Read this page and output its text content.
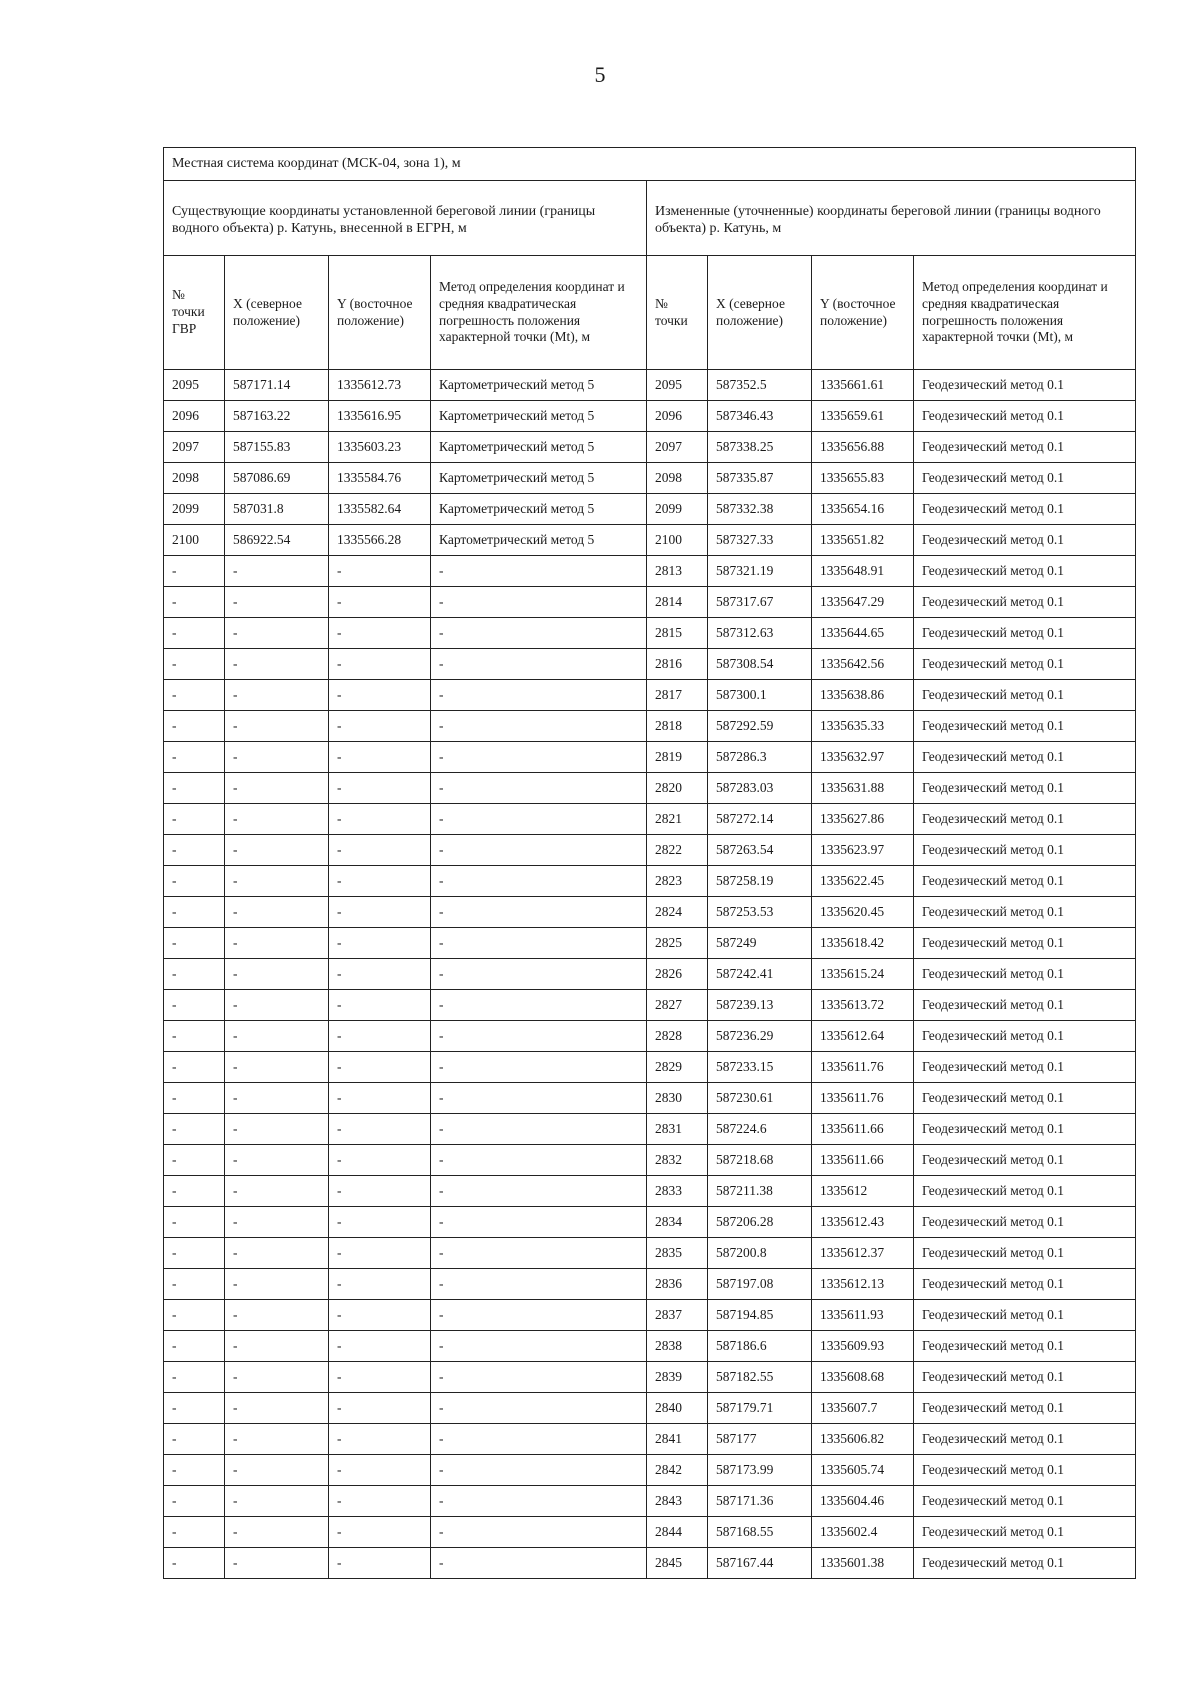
5
Местная система координат (МСК-04, зона 1), м							
Существующие координаты установленной береговой линии (границы водного объекта) р. Катунь, внесенной в ЕГРН, м				Измененные (уточненные) координаты береговой линии (границы водного объекта) р. Катунь, м			
№ точки ГВР	X (северное положение)	Y (восточное положение)	Метод определения координат и средняя квадратическая погрешность положения характерной точки (Mt), м	№ точки	X (северное положение)	Y (восточное положение)	Метод определения координат и средняя квадратическая погрешность положения характерной точки (Mt), м
2095	587171.14	1335612.73	Картометрический метод 5	2095	587352.5	1335661.61	Геодезический метод 0.1
2096	587163.22	1335616.95	Картометрический метод 5	2096	587346.43	1335659.61	Геодезический метод 0.1
2097	587155.83	1335603.23	Картометрический метод 5	2097	587338.25	1335656.88	Геодезический метод 0.1
2098	587086.69	1335584.76	Картометрический метод 5	2098	587335.87	1335655.83	Геодезический метод 0.1
2099	587031.8	1335582.64	Картометрический метод 5	2099	587332.38	1335654.16	Геодезический метод 0.1
2100	586922.54	1335566.28	Картометрический метод 5	2100	587327.33	1335651.82	Геодезический метод 0.1
-	-	-	-	2813	587321.19	1335648.91	Геодезический метод 0.1
-	-	-	-	2814	587317.67	1335647.29	Геодезический метод 0.1
-	-	-	-	2815	587312.63	1335644.65	Геодезический метод 0.1
-	-	-	-	2816	587308.54	1335642.56	Геодезический метод 0.1
-	-	-	-	2817	587300.1	1335638.86	Геодезический метод 0.1
-	-	-	-	2818	587292.59	1335635.33	Геодезический метод 0.1
-	-	-	-	2819	587286.3	1335632.97	Геодезический метод 0.1
-	-	-	-	2820	587283.03	1335631.88	Геодезический метод 0.1
-	-	-	-	2821	587272.14	1335627.86	Геодезический метод 0.1
-	-	-	-	2822	587263.54	1335623.97	Геодезический метод 0.1
-	-	-	-	2823	587258.19	1335622.45	Геодезический метод 0.1
-	-	-	-	2824	587253.53	1335620.45	Геодезический метод 0.1
-	-	-	-	2825	587249	1335618.42	Геодезический метод 0.1
-	-	-	-	2826	587242.41	1335615.24	Геодезический метод 0.1
-	-	-	-	2827	587239.13	1335613.72	Геодезический метод 0.1
-	-	-	-	2828	587236.29	1335612.64	Геодезический метод 0.1
-	-	-	-	2829	587233.15	1335611.76	Геодезический метод 0.1
-	-	-	-	2830	587230.61	1335611.76	Геодезический метод 0.1
-	-	-	-	2831	587224.6	1335611.66	Геодезический метод 0.1
-	-	-	-	2832	587218.68	1335611.66	Геодезический метод 0.1
-	-	-	-	2833	587211.38	1335612	Геодезический метод 0.1
-	-	-	-	2834	587206.28	1335612.43	Геодезический метод 0.1
-	-	-	-	2835	587200.8	1335612.37	Геодезический метод 0.1
-	-	-	-	2836	587197.08	1335612.13	Геодезический метод 0.1
-	-	-	-	2837	587194.85	1335611.93	Геодезический метод 0.1
-	-	-	-	2838	587186.6	1335609.93	Геодезический метод 0.1
-	-	-	-	2839	587182.55	1335608.68	Геодезический метод 0.1
-	-	-	-	2840	587179.71	1335607.7	Геодезический метод 0.1
-	-	-	-	2841	587177	1335606.82	Геодезический метод 0.1
-	-	-	-	2842	587173.99	1335605.74	Геодезический метод 0.1
-	-	-	-	2843	587171.36	1335604.46	Геодезический метод 0.1
-	-	-	-	2844	587168.55	1335602.4	Геодезический метод 0.1
-	-	-	-	2845	587167.44	1335601.38	Геодезический метод 0.1
